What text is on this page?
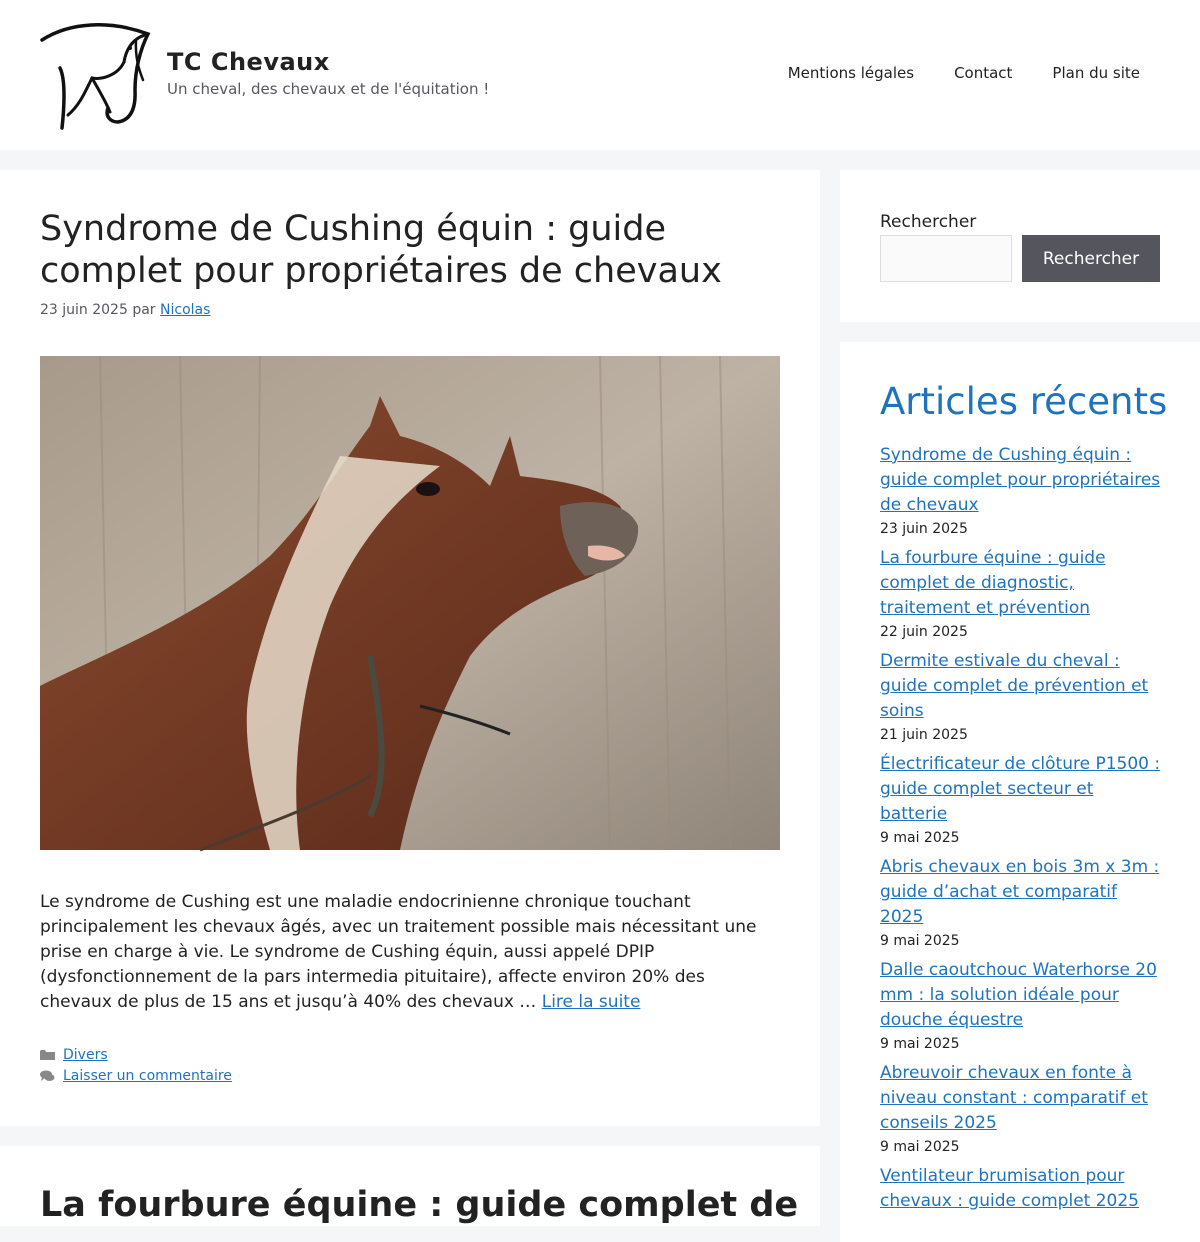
TC Chevaux
Un cheval, des chevaux et de l'équitation !
Mentions légales	Contact	Plan du site
Syndrome de Cushing équin : guide complet pour propriétaires de chevaux
23 juin 2025 par Nicolas

Le syndrome de Cushing est une maladie endocrinienne chronique touchant principalement les chevaux âgés, avec un traitement possible mais nécessitant une prise en charge à vie. Le syndrome de Cushing équin, aussi appelé DPIP (dysfonctionnement de la pars intermedia pituitaire), affecte environ 20% des chevaux de plus de 15 ans et jusqu’à 40% des chevaux … Lire la suite

Divers
Laisser un commentaire
La fourbure équine : guide complet de
Rechercher
Rechercher
Articles récents
Syndrome de Cushing équin : guide complet pour propriétaires de chevaux
23 juin 2025
La fourbure équine : guide complet de diagnostic, traitement et prévention
22 juin 2025
Dermite estivale du cheval : guide complet de prévention et soins
21 juin 2025
Électrificateur de clôture P1500 : guide complet secteur et batterie
9 mai 2025
Abris chevaux en bois 3m x 3m : guide d’achat et comparatif 2025
9 mai 2025
Dalle caoutchouc Waterhorse 20 mm : la solution idéale pour douche équestre
9 mai 2025
Abreuvoir chevaux en fonte à niveau constant : comparatif et conseils 2025
9 mai 2025
Ventilateur brumisation pour chevaux : guide complet 2025
